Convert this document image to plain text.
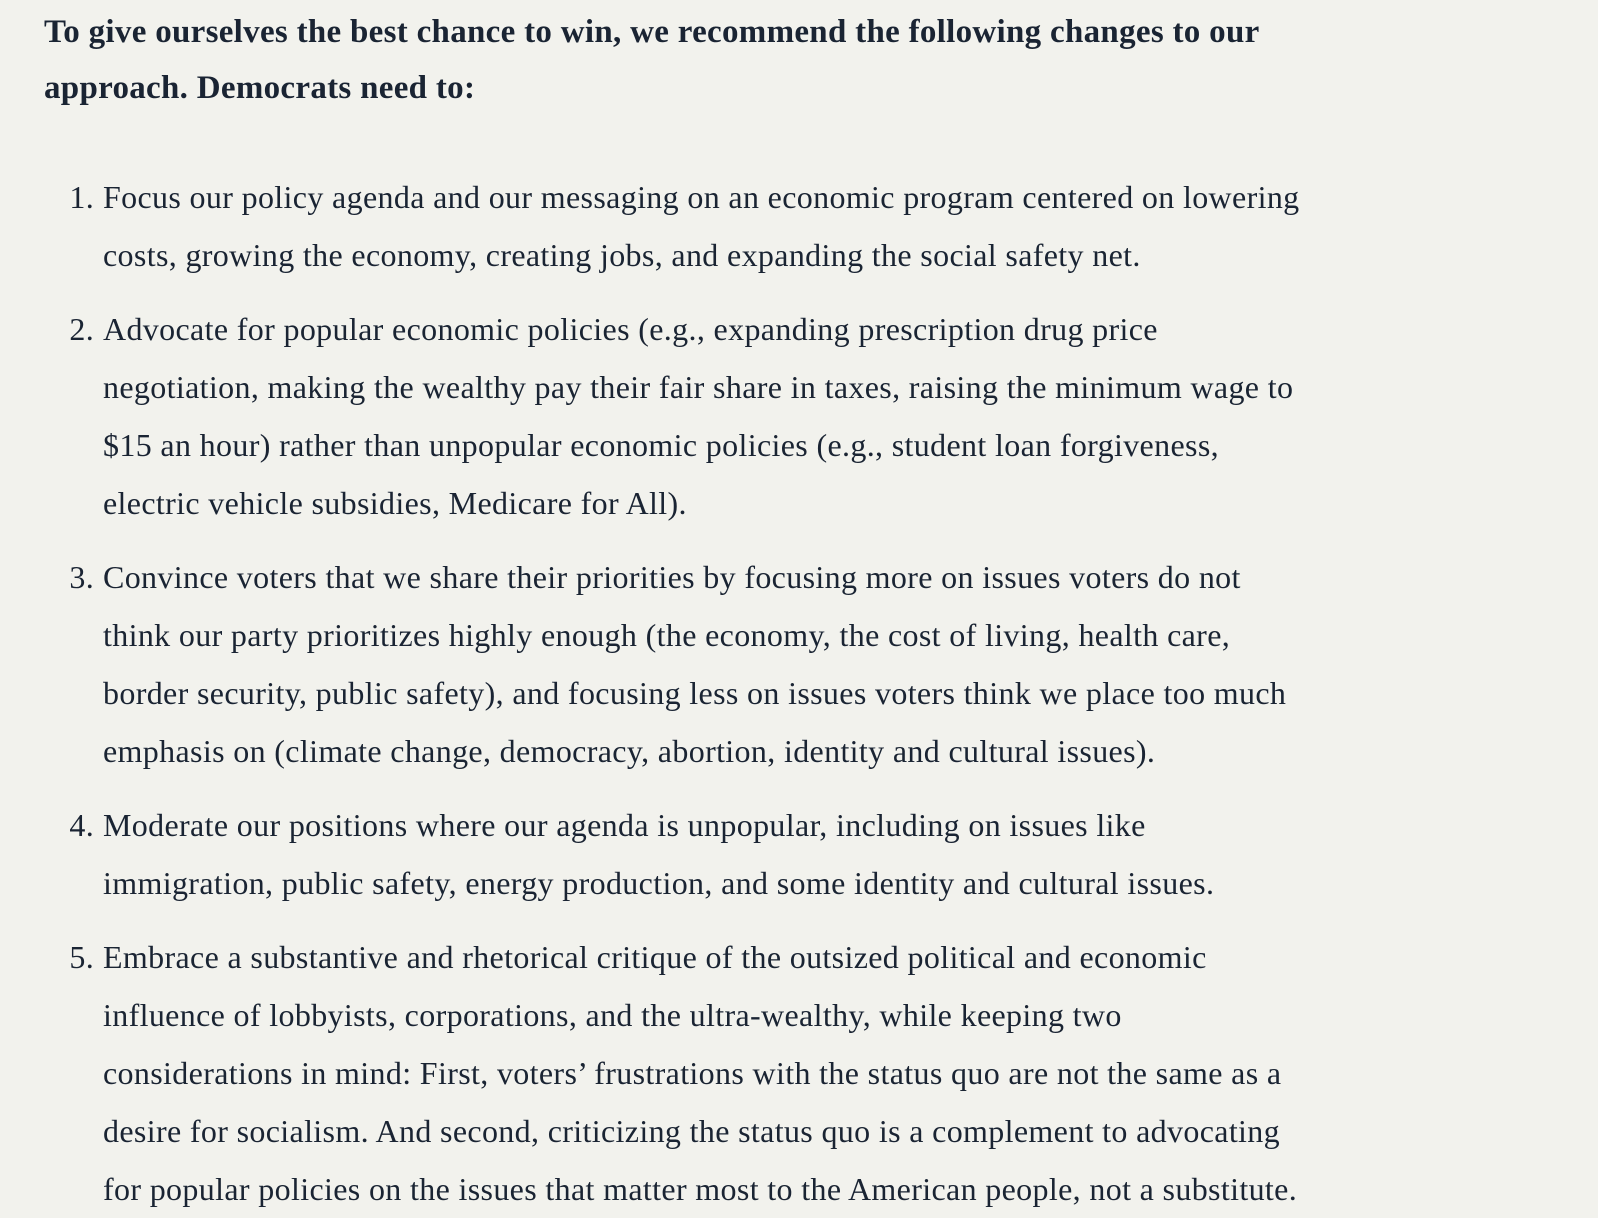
To give ourselves the best chance to win, we recommend the following changes to our
approach. Democrats need to:
1. Focus our policy agenda and our messaging on an economic program centered on lowering
costs, growing the economy, creating jobs, and expanding the social safety net.
2. Advocate for popular economic policies (e.g., expanding prescription drug price
negotiation, making the wealthy pay their fair share in taxes, raising the minimum wage to
$15 an hour) rather than unpopular economic policies (e.g., student loan forgiveness,
electric vehicle subsidies, Medicare for All).
3. Convince voters that we share their priorities by focusing more on issues voters do not
think our party prioritizes highly enough (the economy, the cost of living, health care,
border security, public safety), and focusing less on issues voters think we place too much
emphasis on (climate change, democracy, abortion, identity and cultural issues).
4. Moderate our positions where our agenda is unpopular, including on issues like
immigration, public safety, energy production, and some identity and cultural issues.
5. Embrace a substantive and rhetorical critique of the outsized political and economic
influence of lobbyists, corporations, and the ultra-wealthy, while keeping two
considerations in mind: First, voters’ frustrations with the status quo are not the same as a
desire for socialism. And second, criticizing the status quo is a complement to advocating
for popular policies on the issues that matter most to the American people, not a substitute.
